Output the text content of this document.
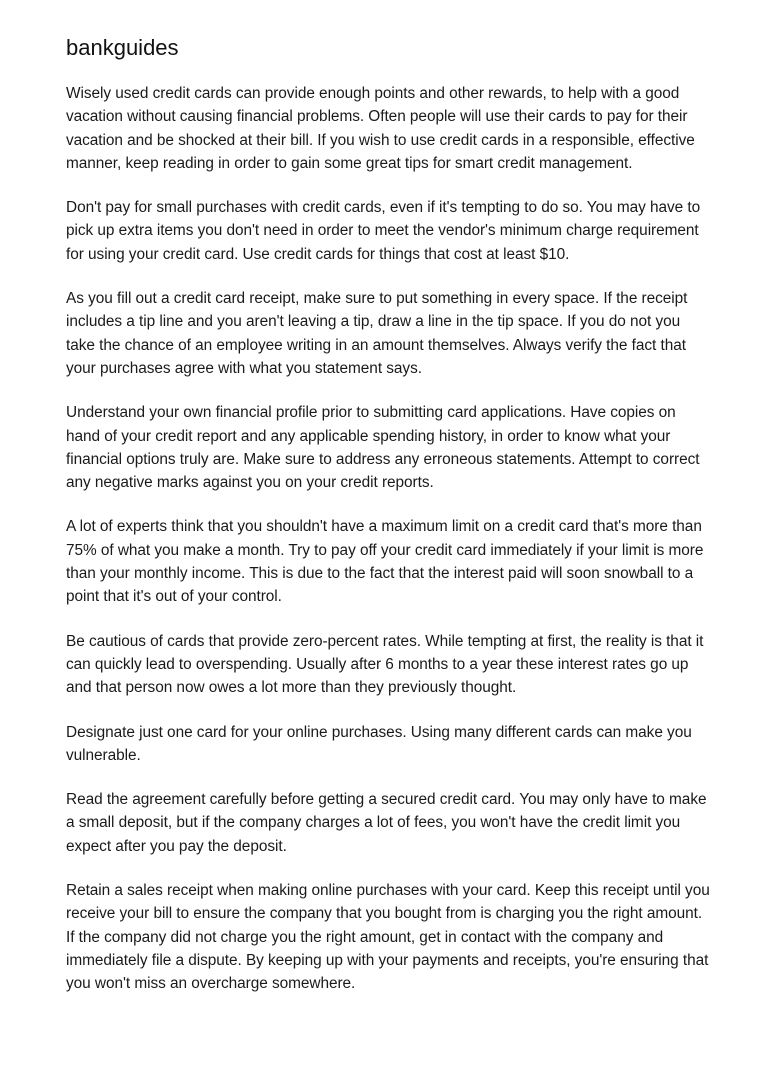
bankguides

Wisely used credit cards can provide enough points and other rewards, to help with a good vacation without causing financial problems. Often people will use their cards to pay for their vacation and be shocked at their bill. If you wish to use credit cards in a responsible, effective manner, keep reading in order to gain some great tips for smart credit management.

Don't pay for small purchases with credit cards, even if it's tempting to do so. You may have to pick up extra items you don't need in order to meet the vendor's minimum charge requirement for using your credit card. Use credit cards for things that cost at least $10.

As you fill out a credit card receipt, make sure to put something in every space. If the receipt includes a tip line and you aren't leaving a tip, draw a line in the tip space. If you do not you take the chance of an employee writing in an amount themselves. Always verify the fact that your purchases agree with what you statement says.

Understand your own financial profile prior to submitting card applications. Have copies on hand of your credit report and any applicable spending history, in order to know what your financial options truly are. Make sure to address any erroneous statements. Attempt to correct any negative marks against you on your credit reports.

A lot of experts think that you shouldn't have a maximum limit on a credit card that's more than 75% of what you make a month. Try to pay off your credit card immediately if your limit is more than your monthly income. This is due to the fact that the interest paid will soon snowball to a point that it's out of your control.

Be cautious of cards that provide zero-percent rates. While tempting at first, the reality is that it can quickly lead to overspending. Usually after 6 months to a year these interest rates go up and that person now owes a lot more than they previously thought.

Designate just one card for your online purchases. Using many different cards can make you vulnerable.

Read the agreement carefully before getting a secured credit card. You may only have to make a small deposit, but if the company charges a lot of fees, you won't have the credit limit you expect after you pay the deposit.

Retain a sales receipt when making online purchases with your card. Keep this receipt until you receive your bill to ensure the company that you bought from is charging you the right amount. If the company did not charge you the right amount, get in contact with the company and immediately file a dispute. By keeping up with your payments and receipts, you're ensuring that you won't miss an overcharge somewhere.
